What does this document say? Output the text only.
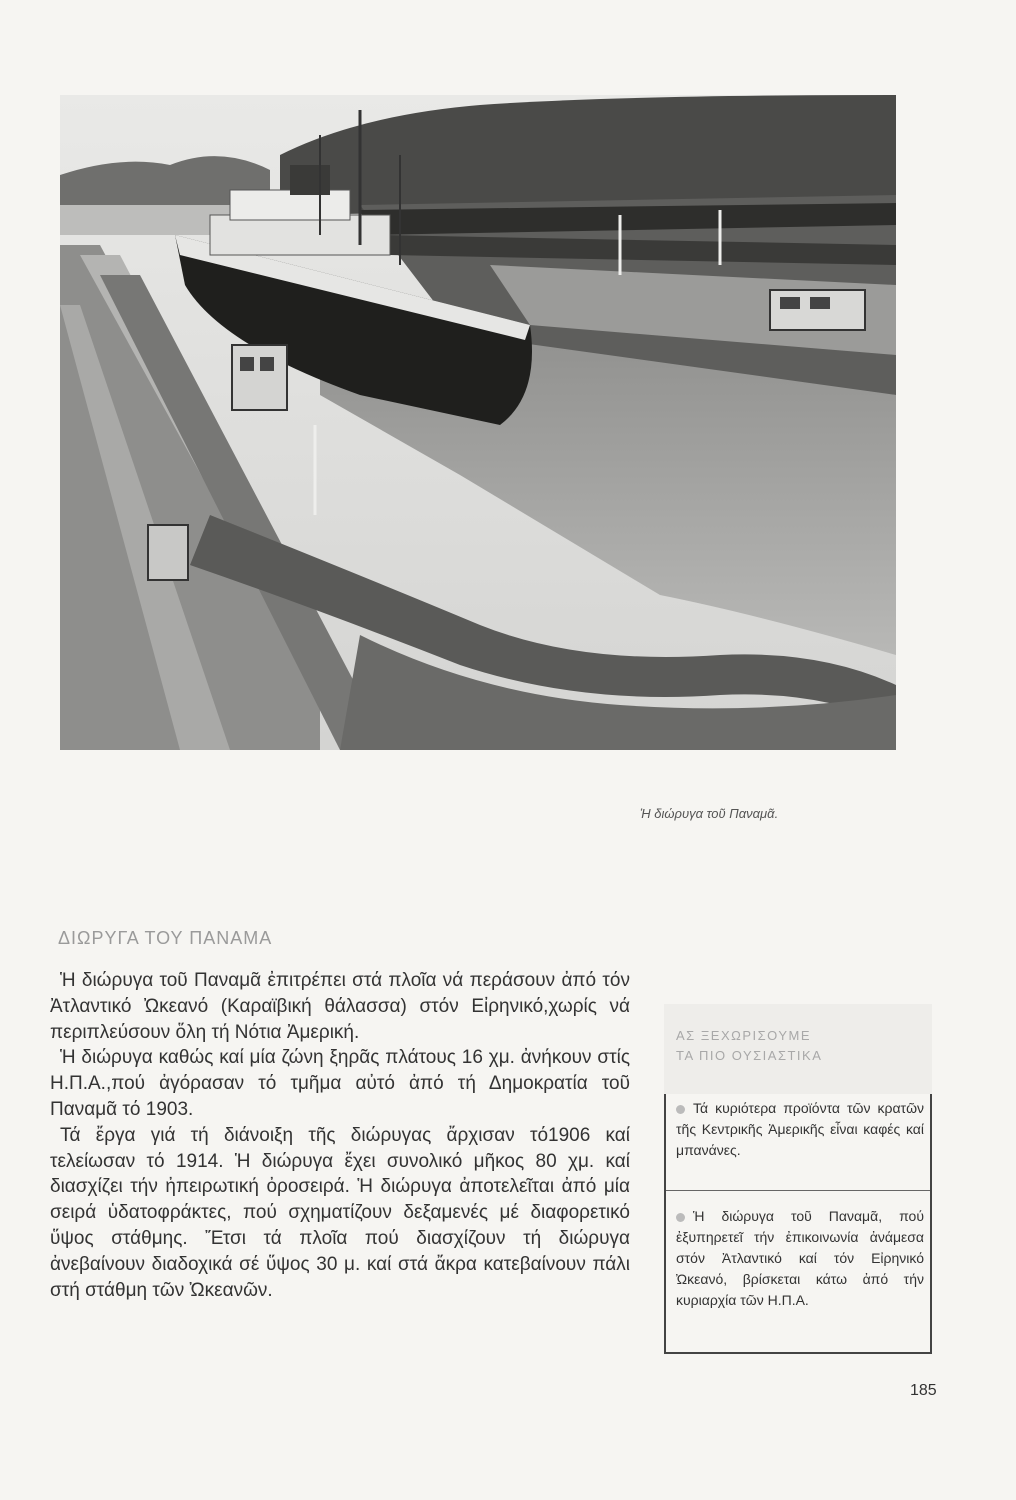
Ἡ διώρυγα τοῦ Παναμᾶ.
ΔΙΩΡΥΓΑ ΤΟΥ ΠΑΝΑΜΑ

Ἡ διώρυγα τοῦ Παναμᾶ ἐπιτρέπει στά πλοῖα νά περάσουν ἀπό τόν Ἀτλαντικό Ὠκεανό (Καραϊβική θάλασσα) στόν Εἰρηνικό,χωρίς νά περιπλεύσουν ὅλη τή Νότια Ἀμερική.

Ἡ διώρυγα καθώς καί μία ζώνη ξηρᾶς πλάτους 16 χμ. ἀνήκουν στίς Η.Π.Α.,πού ἀγόρασαν τό τμῆμα αὐτό ἀπό τή Δημοκρατία τοῦ Παναμᾶ τό 1903.

Τά ἔργα γιά τή διάνοιξη τῆς διώρυγας ἄρχισαν τό1906 καί τελείωσαν τό 1914. Ἡ διώρυγα ἔχει συνολικό μῆκος 80 χμ. καί διασχίζει τήν ἠπειρωτική ὀροσειρά. Ἡ διώρυγα ἀποτελεῖται ἀπό μία σειρά ὑδατοφράκτες, πού σχηματίζουν δεξαμενές μέ διαφορετικό ὕψος στάθμης. Ἔτσι τά πλοῖα πού διασχίζουν τή διώρυγα ἀνεβαίνουν διαδοχικά σέ ὕψος 30 μ. καί στά ἄκρα κατεβαίνουν πάλι στή στάθμη τῶν Ὠκεανῶν.

ΑΣ ΞΕΧΩΡΙΣΟΥΜΕ
ΤΑ ΠΙΟ ΟΥΣΙΑΣΤΙΚΑ
Τά κυριότερα προϊόντα τῶν κρατῶν τῆς Κεντρικῆς Ἀμερικῆς εἶναι καφές καί μπανάνες.
Ἡ διώρυγα τοῦ Παναμᾶ, πού ἐξυπηρετεῖ τήν ἐπικοινωνία ἀνάμεσα στόν Ἀτλαντικό καί τόν Εἰρηνικό Ὠκεανό, βρίσκεται κάτω ἀπό τήν κυριαρχία τῶν Η.Π.Α.
185
